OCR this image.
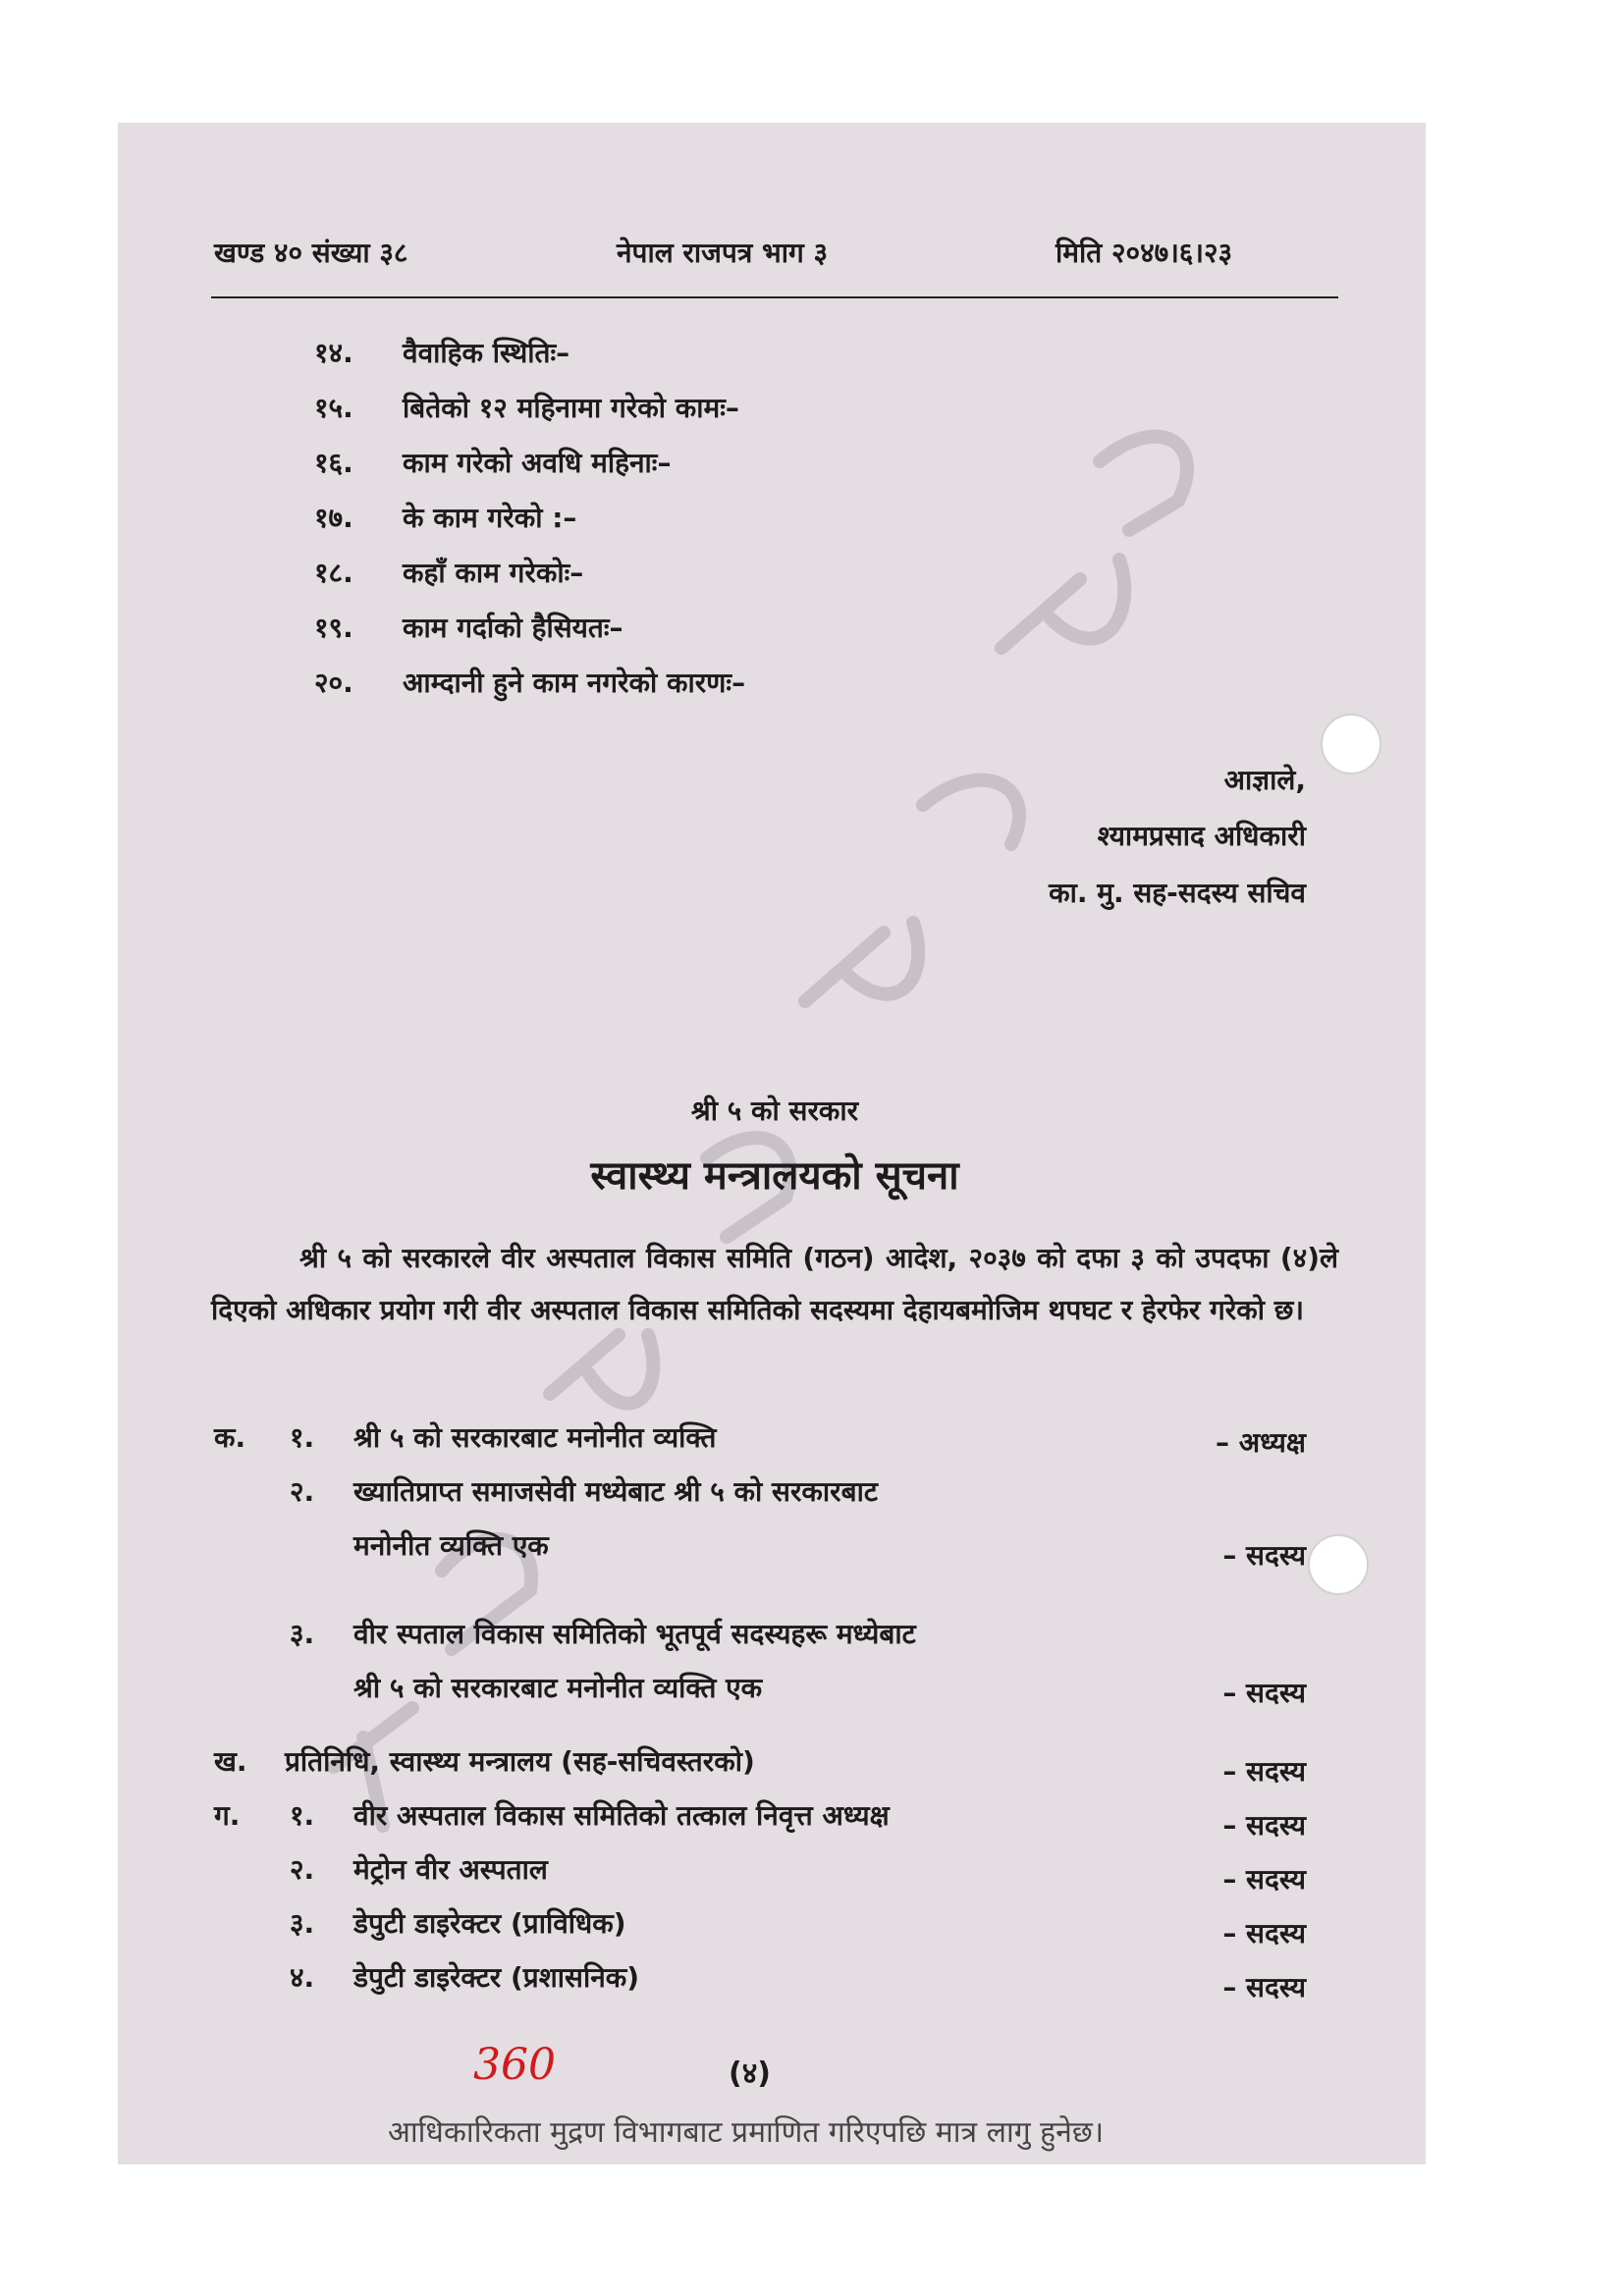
खण्ड ४० संख्या ३८	नेपाल राजपत्र भाग ३	मिति २०४७।६।२३
१४. वैवाहिक स्थितिः–
१५. बितेको १२ महिनामा गरेको कामः–
१६. काम गरेको अवधि महिनाः–
१७. के काम गरेको :–
१८. कहाँ काम गरेकोः–
१९. काम गर्दाको हैसियतः–
२०. आम्दानी हुने काम नगरेको कारणः–
आज्ञाले,
श्यामप्रसाद अधिकारी
का. मु. सह-सदस्य सचिव
श्री ५ को सरकार
स्वास्थ्य मन्त्रालयको सूचना
श्री ५ को सरकारले वीर अस्पताल विकास समिति (गठन) आदेश, २०३७ को दफा ३ को उपदफा (४)ले दिएको अधिकार प्रयोग गरी वीर अस्पताल विकास समितिको सदस्यमा देहायबमोजिम थपघट र हेरफेर गरेको छ।
क. १. श्री ५ को सरकारबाट मनोनीत व्यक्ति	– अध्यक्ष
२. ख्यातिप्राप्त समाजसेवी मध्येबाट श्री ५ को सरकारबाट
मनोनीत व्यक्ति एक	– सदस्य
३. वीर स्पताल विकास समितिको भूतपूर्व सदस्यहरू मध्येबाट
श्री ५ को सरकारबाट मनोनीत व्यक्ति एक	– सदस्य
ख. प्रतिनिधि, स्वास्थ्य मन्त्रालय (सह-सचिवस्तरको)	– सदस्य
ग. १. वीर अस्पताल विकास समितिको तत्काल निवृत्त अध्यक्ष	– सदस्य
२. मेट्रोन वीर अस्पताल	– सदस्य
३. डेपुटी डाइरेक्टर (प्राविधिक)	– सदस्य
४. डेपुटी डाइरेक्टर (प्रशासनिक)	– सदस्य
360	(४)
आधिकारिकता मुद्रण विभागबाट प्रमाणित गरिएपछि मात्र लागु हुनेछ।
